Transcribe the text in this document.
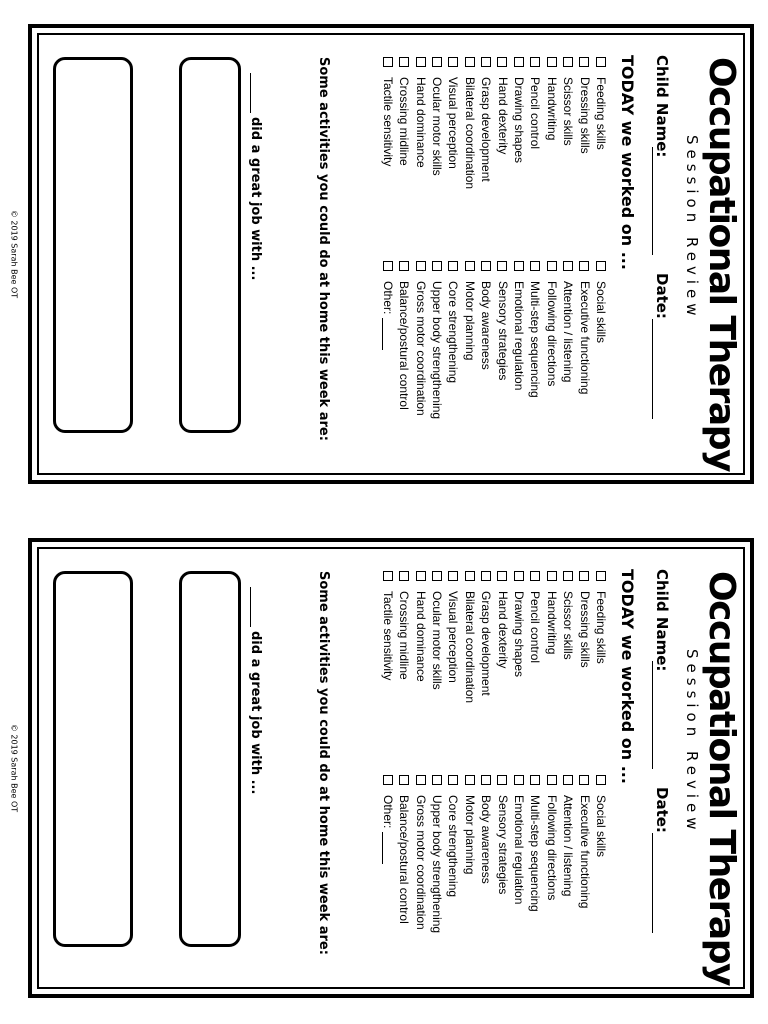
© 2019 Sarah Bee OT	Occupational Therapy
Session Review
Child Name:
Date:
TODAY we worked on ...
Feeding skills
Dressing skills
Scissor skills
Handwriting
Pencil control
Drawing shapes
Hand dexterity
Grasp development
Bilateral coordination
Visual perception
Ocular motor skills
Hand dominance
Crossing midline
Tactile sensitivity
Social skills
Executive functioning
Attention / listening
Following directions
Multi-step sequencing
Emotional regulation
Sensory strategies
Body awareness
Motor planning
Core strengthening
Upper body strengthening
Gross motor coordination
Balance/postural control
Other:
did a great job with ...	Some activities you could do at home this week are:
© 2019 Sarah Bee OT	Occupational Therapy
Session Review
Child Name:
Date:
TODAY we worked on ...
Feeding skills
Dressing skills
Scissor skills
Handwriting
Pencil control
Drawing shapes
Hand dexterity
Grasp development
Bilateral coordination
Visual perception
Ocular motor skills
Hand dominance
Crossing midline
Tactile sensitivity
Social skills
Executive functioning
Attention / listening
Following directions
Multi-step sequencing
Emotional regulation
Sensory strategies
Body awareness
Motor planning
Core strengthening
Upper body strengthening
Gross motor coordination
Balance/postural control
Other:
did a great job with ...	Some activities you could do at home this week are:
